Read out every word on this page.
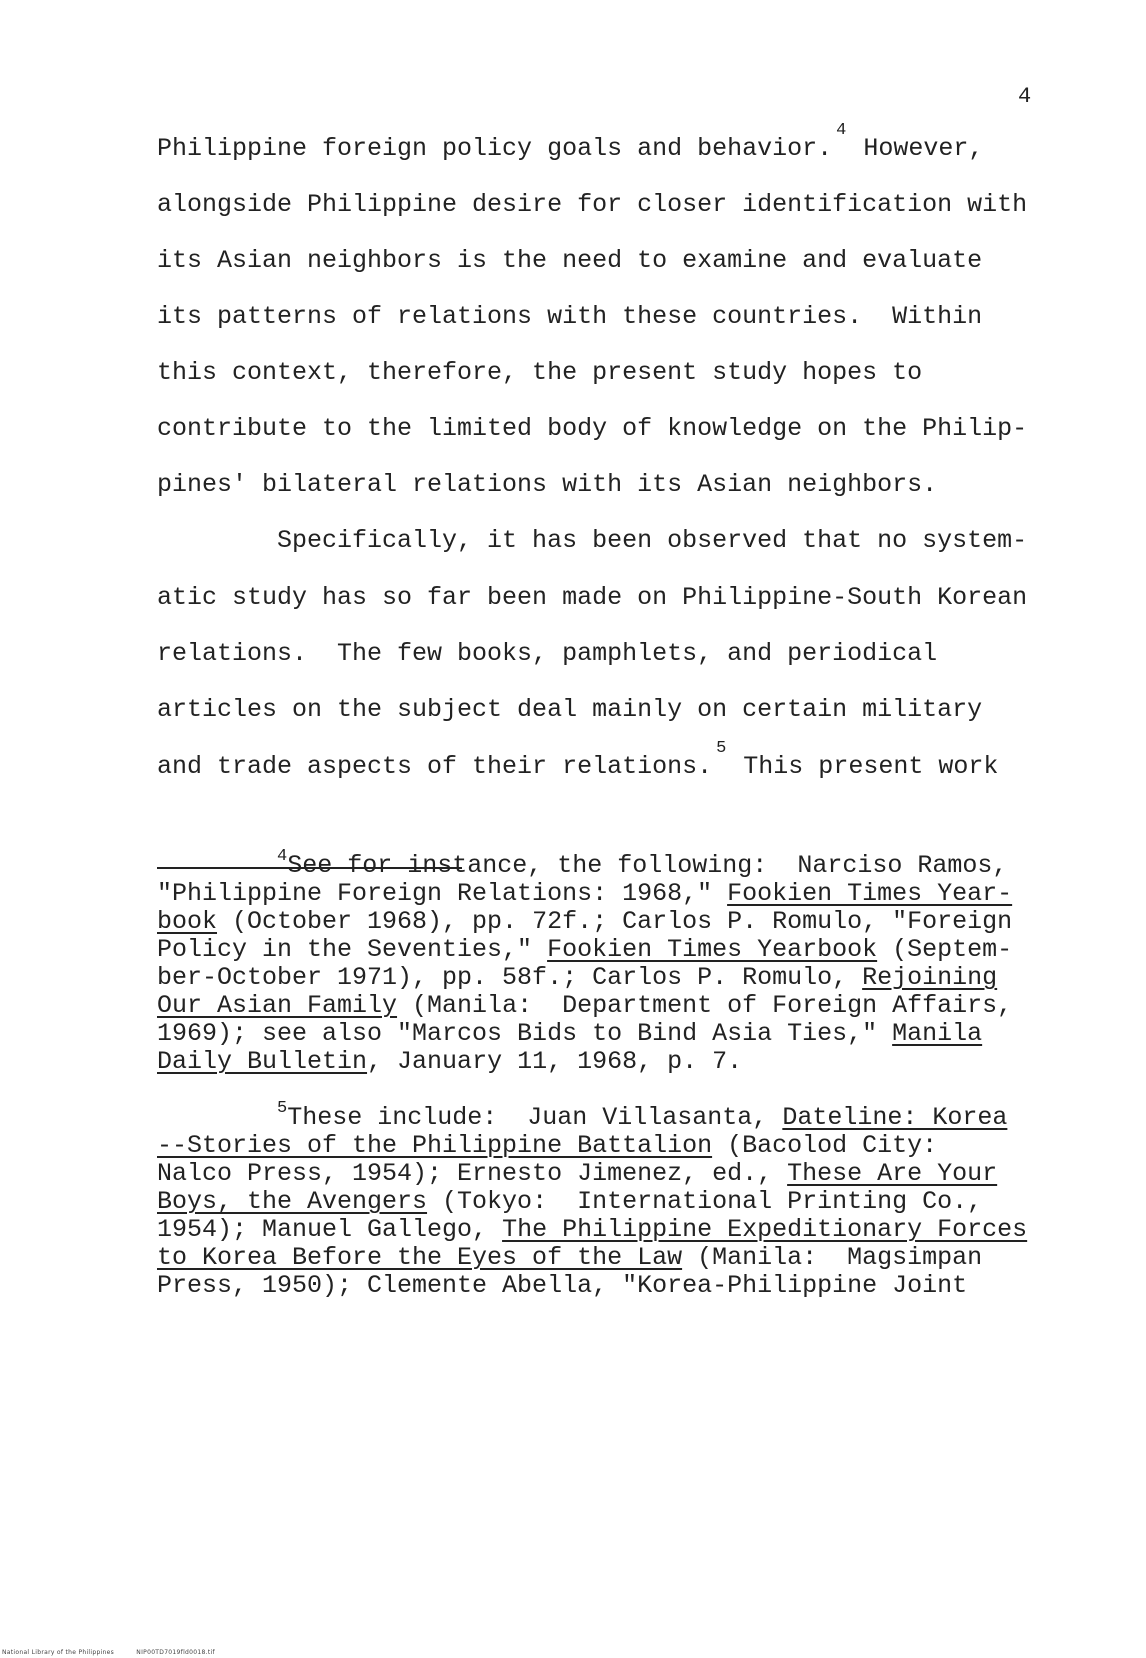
4
Philippine foreign policy goals and behavior.$^4$ However,
alongside Philippine desire for closer identification with
its Asian neighbors is the need to examine and evaluate
its patterns of relations with these countries.  Within
this context, therefore, the present study hopes to
contribute to the limited body of knowledge on the Philip-
pines' bilateral relations with its Asian neighbors.
Specifically, it has been observed that no system-
atic study has so far been made on Philippine-South Korean
relations.  The few books, pamphlets, and periodical
articles on the subject deal mainly on certain military
and trade aspects of their relations.$^5$ This present work
$^4$See for instance, the following:  Narciso Ramos,
"Philippine Foreign Relations: 1968," Fookien Times Year-
book (October 1968), pp. 72f.; Carlos P. Romulo, "Foreign
Policy in the Seventies," Fookien Times Yearbook (Septem-
ber-October 1971), pp. 58f.; Carlos P. Romulo, Rejoining
Our Asian Family (Manila:  Department of Foreign Affairs,
1969); see also "Marcos Bids to Bind Asia Ties," Manila
Daily Bulletin, January 11, 1968, p. 7.
$^5$These include:  Juan Villasanta, Dateline: Korea
--Stories of the Philippine Battalion (Bacolod City:
Nalco Press, 1954); Ernesto Jimenez, ed., These Are Your
Boys, the Avengers (Tokyo:  International Printing Co.,
1954); Manuel Gallego, The Philippine Expeditionary Forces
to Korea Before the Eyes of the Law (Manila:  Magsimpan
Press, 1950); Clemente Abella, "Korea-Philippine Joint
National Library of the Philippines	NIP00TD7019fld0018.tif
